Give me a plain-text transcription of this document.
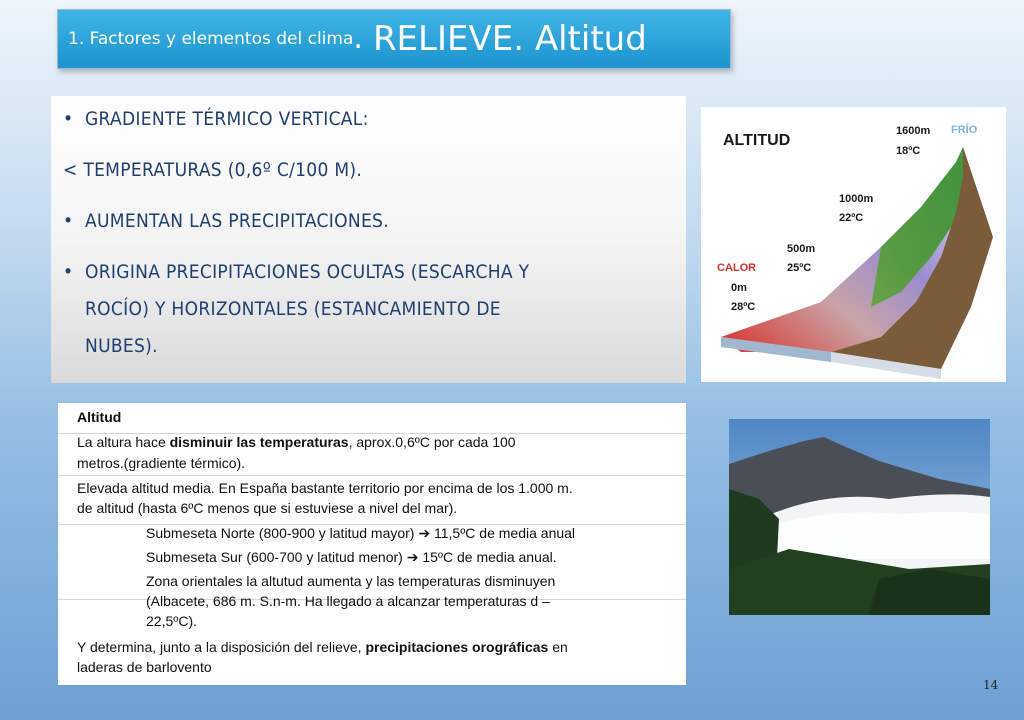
1. Factores y elementos del clima . RELIEVE. Altitud
• GRADIENTE TÉRMICO VERTICAL:
< TEMPERATURAS (0,6º C/100 M).
• AUMENTAN LAS PRECIPITACIONES.
• ORIGINA PRECIPITACIONES OCULTAS (ESCARCHA Y
ROCÍO) Y HORIZONTALES (ESTANCAMIENTO DE
NUBES).
ALTITUD
FRÍO
1600m
18ºC
1000m
22ºC
500m
25ºC
CALOR
0m
28ºC
Altitud
La altura hace disminuir las temperaturas, aprox.0,6ºC por cada 100
metros.(gradiente térmico).
Elevada altitud media. En España bastante territorio por encima de los 1.000 m.
de altitud (hasta 6ºC menos que si estuviese a nivel del mar).
Submeseta Norte (800-900 y latitud mayor) ➔ 11,5ºC de media anual
Submeseta Sur (600-700 y latitud menor) ➔ 15ºC de media anual.
Zona orientales la altutud aumenta y las temperaturas disminuyen
(Albacete, 686 m. S.n-m. Ha llegado a alcanzar temperaturas d –
22,5ºC).
Y determina, junto a la disposición del relieve, precipitaciones orográficas en
laderas de barlovento
14
